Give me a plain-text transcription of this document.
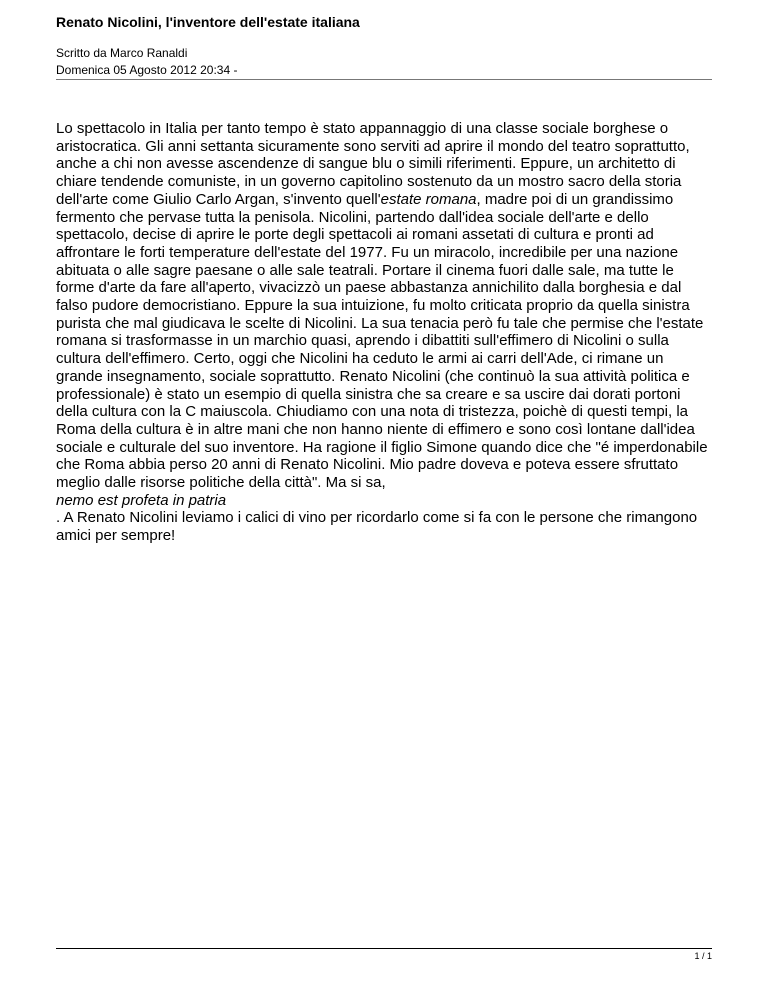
Renato Nicolini, l'inventore dell'estate italiana
Scritto da Marco Ranaldi
Domenica 05 Agosto 2012 20:34 -
Lo spettacolo in Italia per tanto tempo è stato appannaggio di una classe sociale borghese o aristocratica. Gli anni settanta sicuramente sono serviti ad aprire il mondo del teatro soprattutto, anche a chi non avesse ascendenze di sangue blu o simili riferimenti. Eppure, un architetto di chiare tendende comuniste, in un governo capitolino sostenuto da un mostro sacro della storia dell'arte come Giulio Carlo Argan, s'invento quell'estate romana, madre poi di un grandissimo fermento che pervase tutta la penisola. Nicolini, partendo dall'idea sociale dell'arte e dello spettacolo, decise di aprire le porte degli spettacoli ai romani assetati di cultura e pronti ad affrontare le forti temperature dell'estate del 1977. Fu un miracolo, incredibile per una nazione abituata o alle sagre paesane o alle sale teatrali. Portare il cinema fuori dalle sale, ma tutte le forme d'arte da fare all'aperto, vivacizzò un paese abbastanza annichilito dalla borghesia e dal falso pudore democristiano. Eppure la sua intuizione, fu molto criticata proprio da quella sinistra purista che mal giudicava le scelte di Nicolini. La sua tenacia però fu tale che permise che l'estate romana si trasformasse in un marchio quasi, aprendo i dibattiti sull'effimero di Nicolini o sulla cultura dell'effimero. Certo, oggi che Nicolini ha ceduto le armi ai carri dell'Ade, ci rimane un grande insegnamento, sociale soprattutto. Renato Nicolini (che continuò la sua attività politica e professionale) è stato un esempio di quella sinistra che sa creare e sa uscire dai dorati portoni della cultura con la C maiuscola. Chiudiamo con una nota di tristezza, poichè di questi tempi, la Roma della cultura è in altre mani che non hanno niente di effimero e sono così lontane dall'idea sociale e culturale del suo inventore. Ha ragione il figlio Simone quando dice che "é imperdonabile che Roma abbia perso 20 anni di Renato Nicolini. Mio padre doveva e poteva essere sfruttato meglio dalle risorse politiche della città". Ma si sa,
nemo est profeta in patria
. A Renato Nicolini leviamo i calici di vino per ricordarlo come si fa con le persone che rimangono amici per sempre!
1 / 1
